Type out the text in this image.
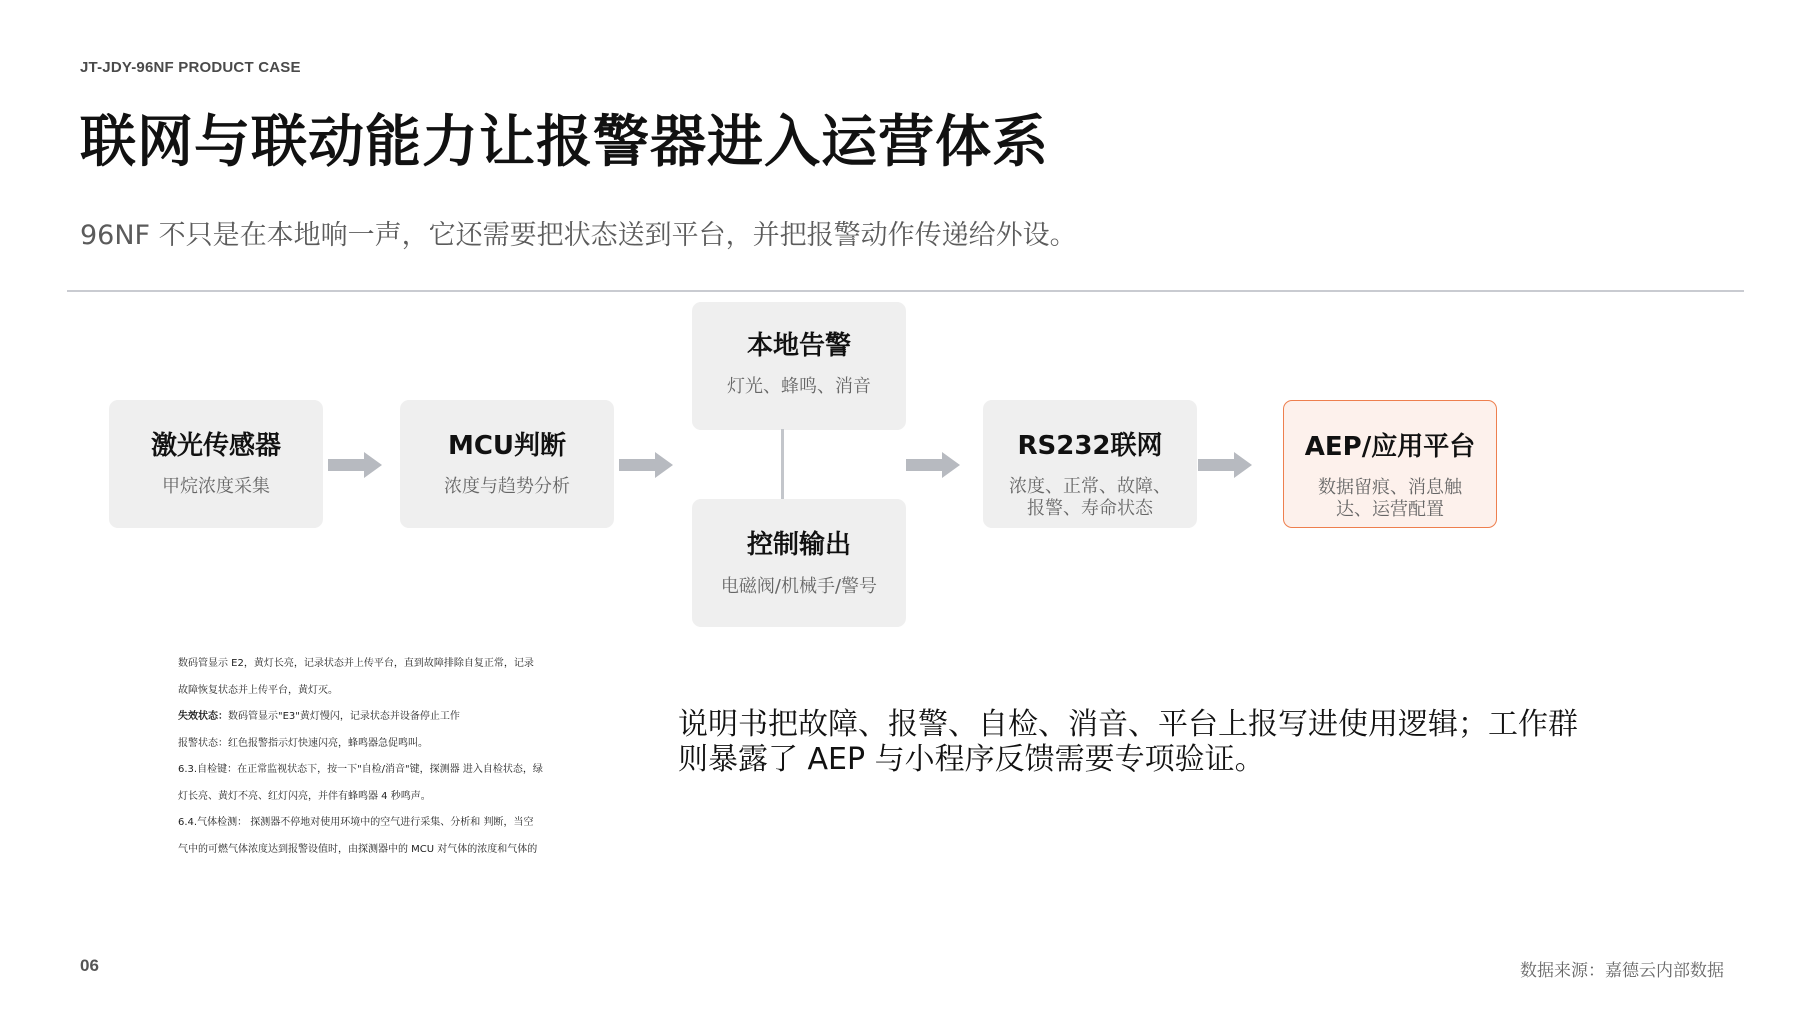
JT-JDY-96NF PRODUCT CASE
联网与联动能力让报警器进入运营体系
96NF 不只是在本地响一声，它还需要把状态送到平台，并把报警动作传递给外设。
激光传感器
甲烷浓度采集
MCU判断
浓度与趋势分析
本地告警
灯光、蜂鸣、消音
控制输出
电磁阀/机械手/警号
RS232联网
浓度、正常、故障、报警、寿命状态
AEP/应用平台
数据留痕、消息触达、运营配置
数码管显示 E2，黄灯长亮，记录状态并上传平台，直到故障排除自复正常，记录
故障恢复状态并上传平台，黄灯灭。
失效状态：数码管显示"E3"黄灯慢闪，记录状态并设备停止工作
报警状态：红色报警指示灯快速闪亮，蜂鸣器急促鸣叫。
6.3.自检键：在正常监视状态下，按一下"自检/消音"键，探测器 进入自检状态，绿
灯长亮、黄灯不亮、红灯闪亮，并伴有蜂鸣器 4 秒鸣声。
6.4.气体检测： 探测器不停地对使用环境中的空气进行采集、分析和 判断，当空
气中的可燃气体浓度达到报警设值时，由探测器中的 MCU 对气体的浓度和气体的
说明书把故障、报警、自检、消音、平台上报写进使用逻辑；工作群则暴露了 AEP 与小程序反馈需要专项验证。
06	数据来源：嘉德云内部数据
